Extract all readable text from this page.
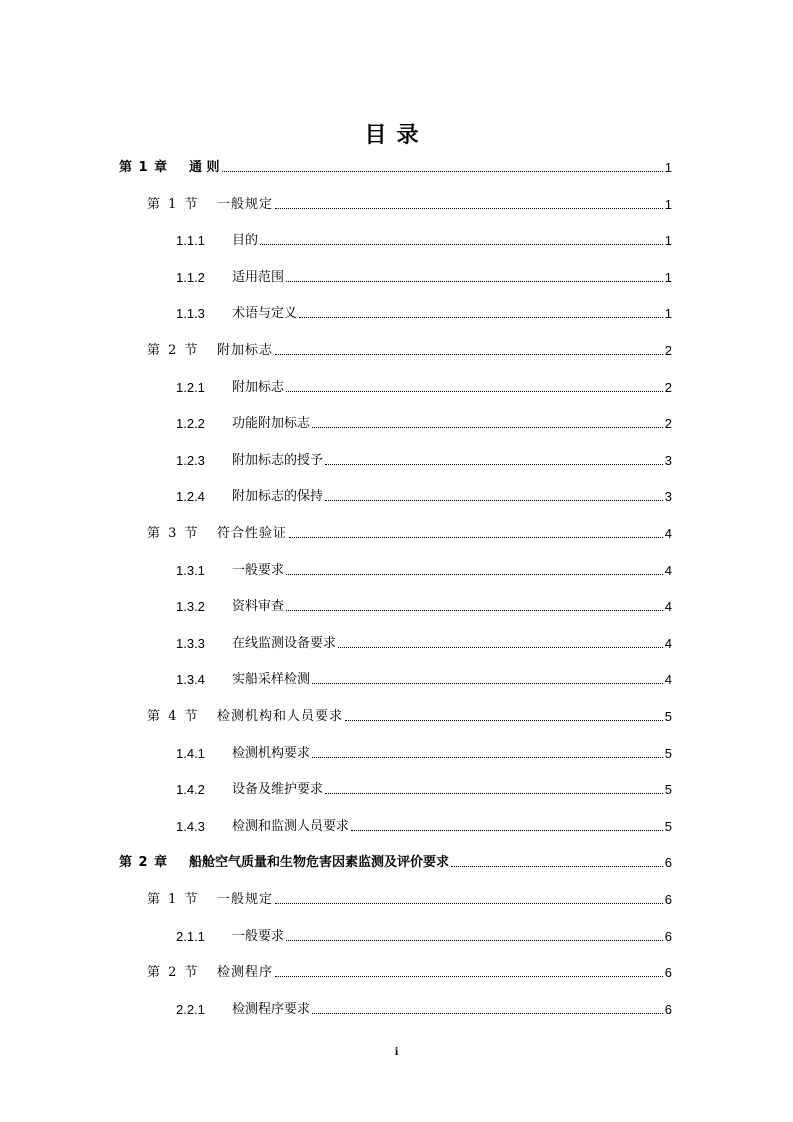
目录
第 1 章	通 则	1
第 1 节	一般规定	1
1.1.1	目的	1
1.1.2	适用范围	1
1.1.3	术语与定义	1
第 2 节	附加标志	2
1.2.1	附加标志	2
1.2.2	功能附加标志	2
1.2.3	附加标志的授予	3
1.2.4	附加标志的保持	3
第 3 节	符合性验证	4
1.3.1	一般要求	4
1.3.2	资料审查	4
1.3.3	在线监测设备要求	4
1.3.4	实船采样检测	4
第 4 节	检测机构和人员要求	5
1.4.1	检测机构要求	5
1.4.2	设备及维护要求	5
1.4.3	检测和监测人员要求	5
第 2 章	船舱空气质量和生物危害因素监测及评价要求	6
第 1 节	一般规定	6
2.1.1	一般要求	6
第 2 节	检测程序	6
2.2.1	检测程序要求	6
i
